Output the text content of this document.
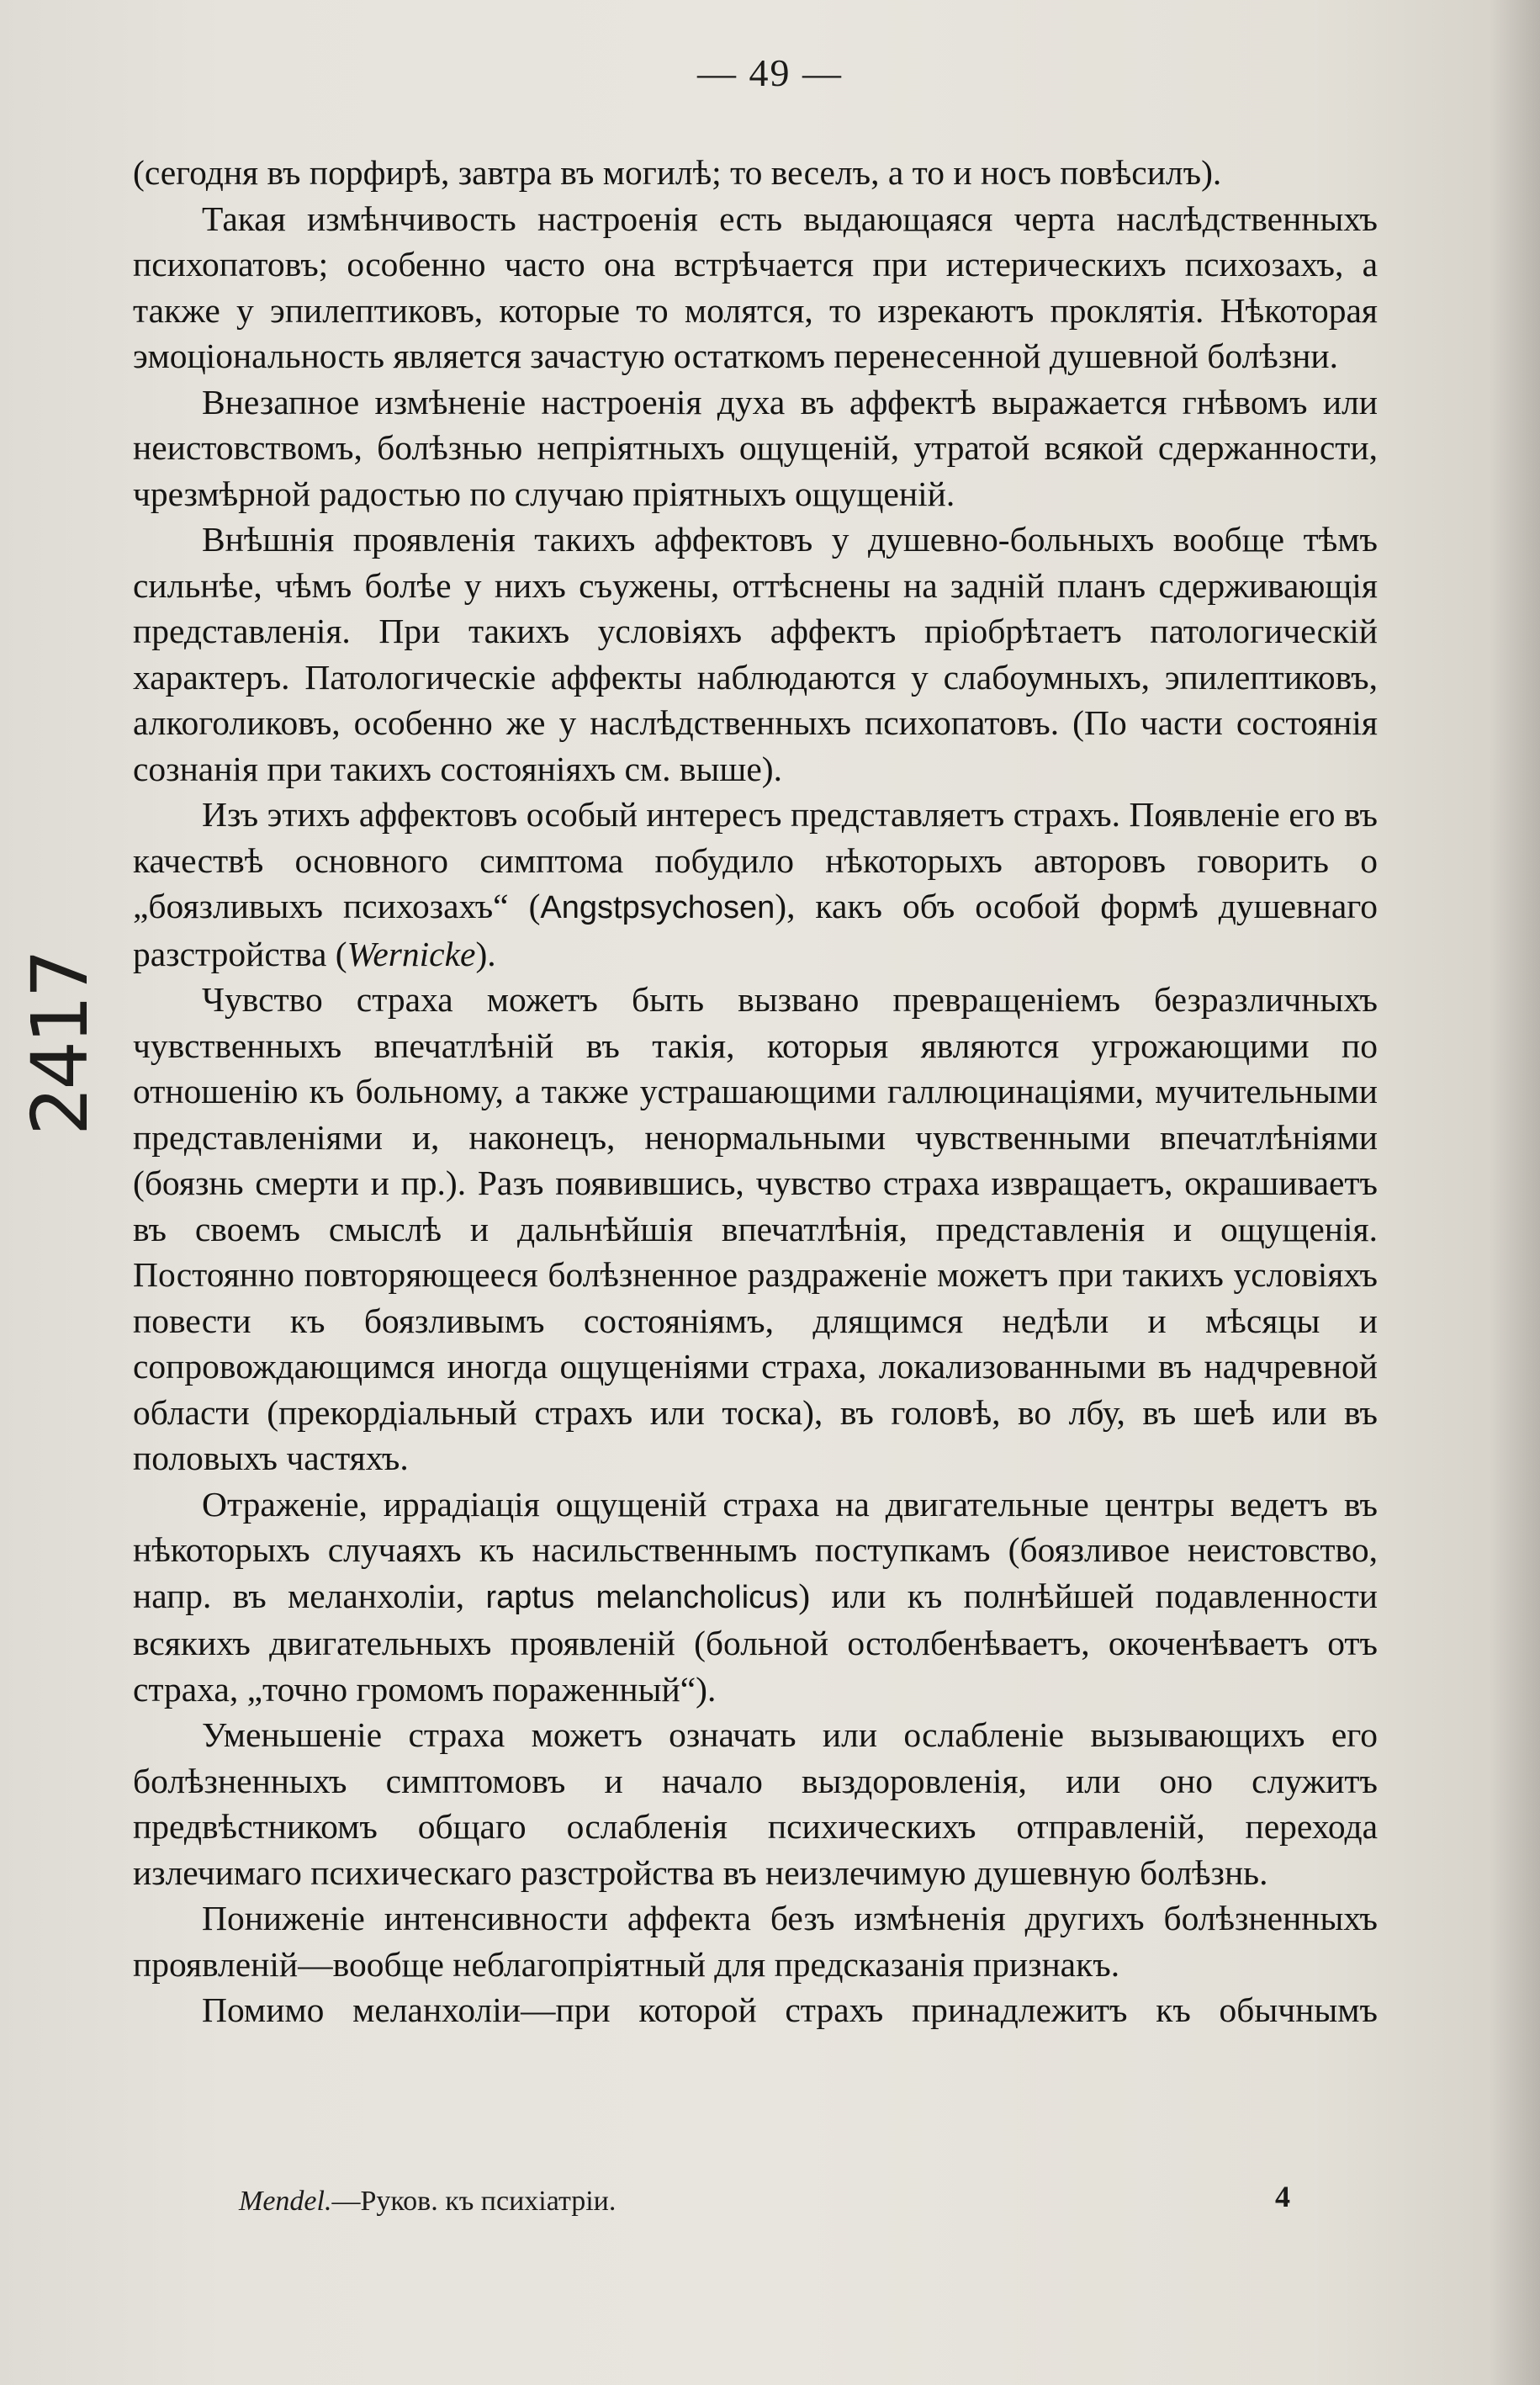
— 49 —
2417

(сегодня въ порфирѣ, завтра въ могилѣ; то веселъ, а то и носъ повѣсилъ).

Такая измѣнчивость настроенія есть выдающаяся черта наслѣдственныхъ психопатовъ; особенно часто она встрѣчается при истерическихъ психозахъ, а также у эпилептиковъ, которые то молятся, то изрекаютъ проклятія. Нѣкоторая эмоціональность является зачастую остаткомъ перенесенной душевной болѣзни.

Внезапное измѣненіе настроенія духа въ аффектѣ выражается гнѣвомъ или неистовствомъ, болѣзнью непріятныхъ ощущеній, утратой всякой сдержанности, чрезмѣрной радостью по случаю пріятныхъ ощущеній.

Внѣшнія проявленія такихъ аффектовъ у душевно-больныхъ вообще тѣмъ сильнѣе, чѣмъ болѣе у нихъ съужены, оттѣснены на задній планъ сдерживающія представленія. При такихъ условіяхъ аффектъ пріобрѣтаетъ патологическій характеръ. Патологическіе аффекты наблюдаются у слабоумныхъ, эпилептиковъ, алкоголиковъ, особенно же у наслѣдственныхъ психопатовъ. (По части состоянія сознанія при такихъ состояніяхъ см. выше).

Изъ этихъ аффектовъ особый интересъ представляетъ страхъ. Появленіе его въ качествѣ основного симптома побудило нѣкоторыхъ авторовъ говорить о „боязливыхъ психозахъ“ (Angstpsychosen), какъ объ особой формѣ душевнаго разстройства (Wernicke).

Чувство страха можетъ быть вызвано превращеніемъ безразличныхъ чувственныхъ впечатлѣній въ такія, которыя являются угрожающими по отношенію къ больному, а также устрашающими галлюцинаціями, мучительными представленіями и, наконецъ, ненормальными чувственными впечатлѣніями (боязнь смерти и пр.). Разъ появившись, чувство страха извращаетъ, окрашиваетъ въ своемъ смыслѣ и дальнѣйшія впечатлѣнія, представленія и ощущенія. Постоянно повторяющееся болѣзненное раздраженіе можетъ при такихъ условіяхъ повести къ боязливымъ состояніямъ, длящимся недѣли и мѣсяцы и сопровождающимся иногда ощущеніями страха, локализованными въ надчревной области (прекордіальный страхъ или тоска), въ головѣ, во лбу, въ шеѣ или въ половыхъ частяхъ.

Отраженіе, иррадіація ощущеній страха на двигательные центры ведетъ въ нѣкоторыхъ случаяхъ къ насильственнымъ поступкамъ (боязливое неистовство, напр. въ меланхоліи, raptus melancholicus) или къ полнѣйшей подавленности всякихъ двигательныхъ проявленій (больной остолбенѣваетъ, окоченѣваетъ отъ страха, „точно громомъ пораженный“).

Уменьшеніе страха можетъ означать или ослабленіе вызывающихъ его болѣзненныхъ симптомовъ и начало выздоровленія, или оно служитъ предвѣстникомъ общаго ослабленія психическихъ отправленій, перехода излечимаго психическаго разстройства въ неизлечимую душевную болѣзнь.

Пониженіе интенсивности аффекта безъ измѣненія другихъ болѣзненныхъ проявленій—вообще неблагопріятный для предсказанія признакъ.

Помимо меланхоліи—при которой страхъ принадлежитъ къ обычнымъ

Mendel.—Руков. къ психіатріи.	4
